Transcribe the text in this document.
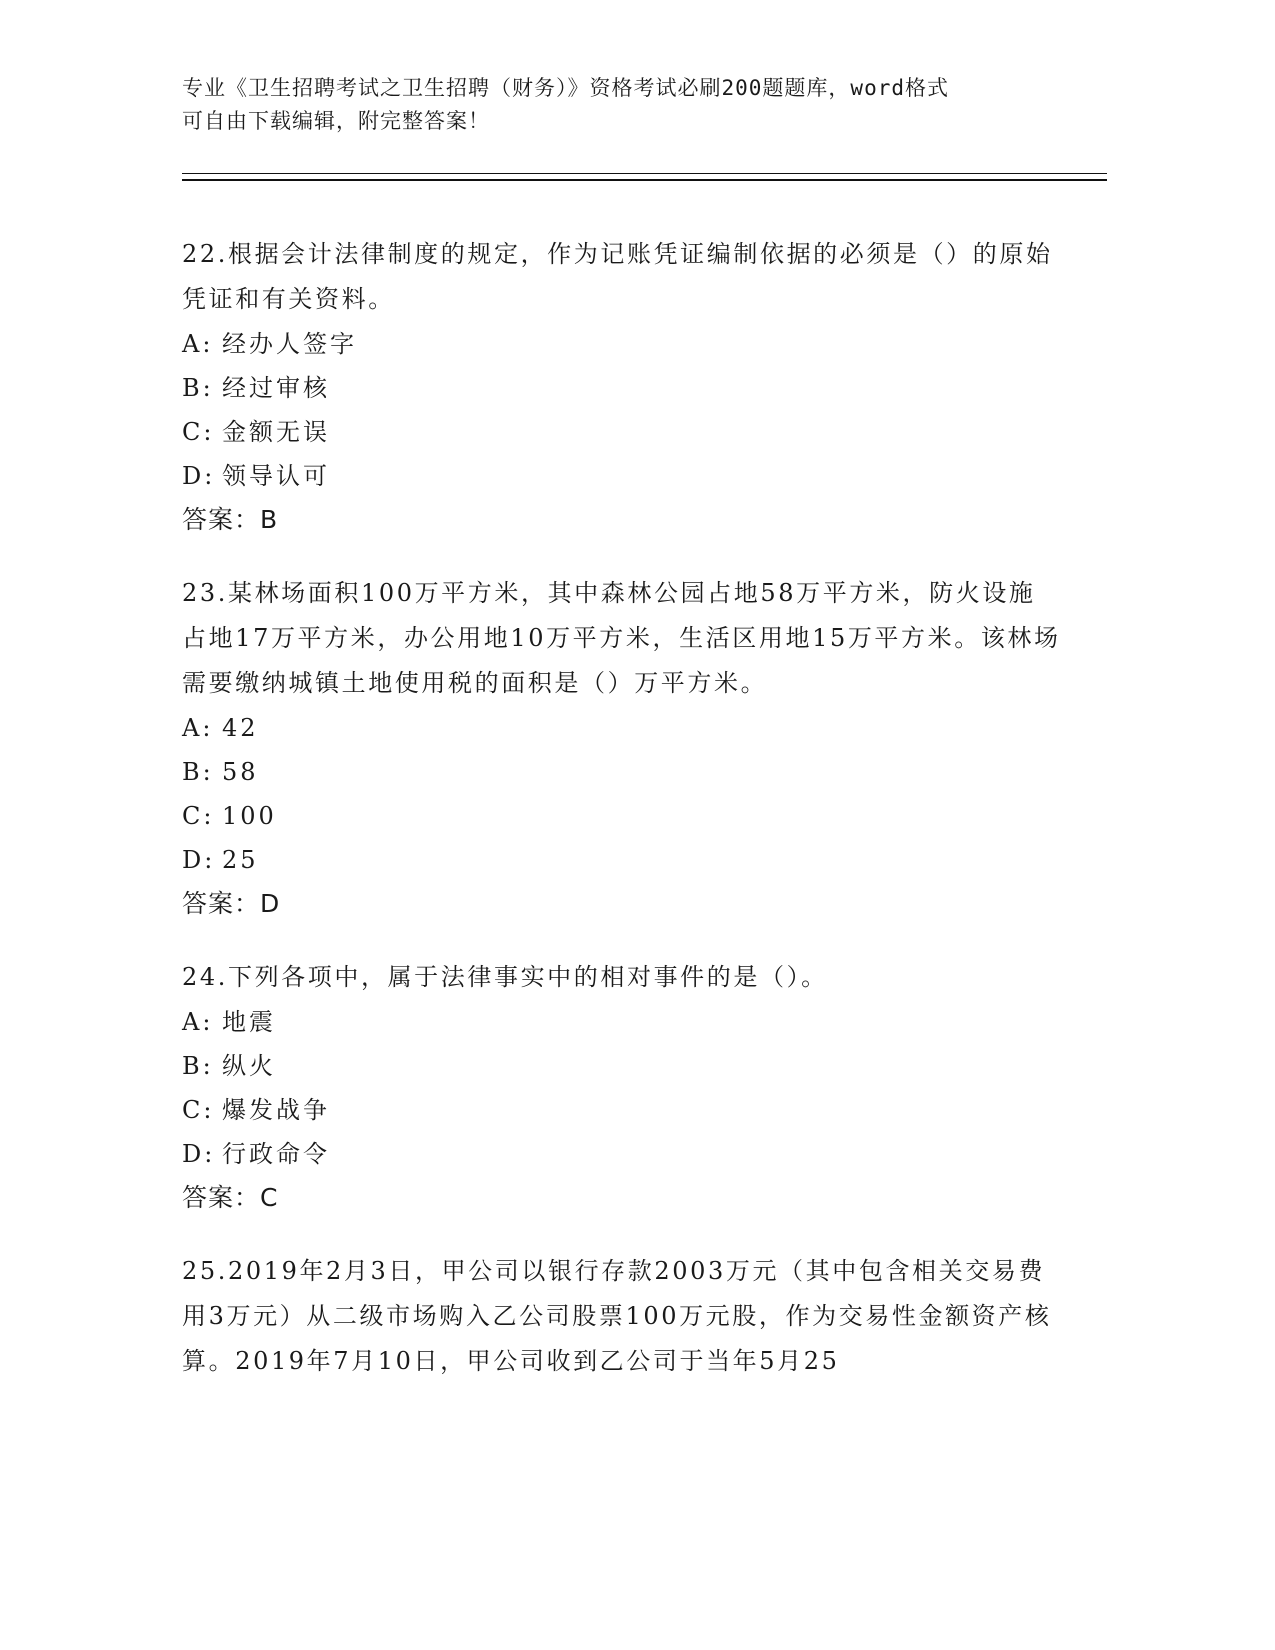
专业《卫生招聘考试之卫生招聘（财务）》资格考试必刷200题题库，word格式
可自由下载编辑，附完整答案！

22.根据会计法律制度的规定，作为记账凭证编制依据的必须是（）的原始凭证和有关资料。

A: 经办人签字

B: 经过审核

C: 金额无误

D: 领导认可

答案：B

23.某林场面积100万平方米，其中森林公园占地58万平方米，防火设施占地17万平方米，办公用地10万平方米，生活区用地15万平方米。该林场需要缴纳城镇土地使用税的面积是（）万平方米。

A: 42

B: 58

C: 100

D: 25

答案：D

24.下列各项中，属于法律事实中的相对事件的是（）。

A: 地震

B: 纵火

C: 爆发战争

D: 行政命令

答案：C

25.2019年2月3日，甲公司以银行存款2003万元（其中包含相关交易费用3万元）从二级市场购入乙公司股票100万元股，作为交易性金额资产核算。2019年7月10日，甲公司收到乙公司于当年5月25
